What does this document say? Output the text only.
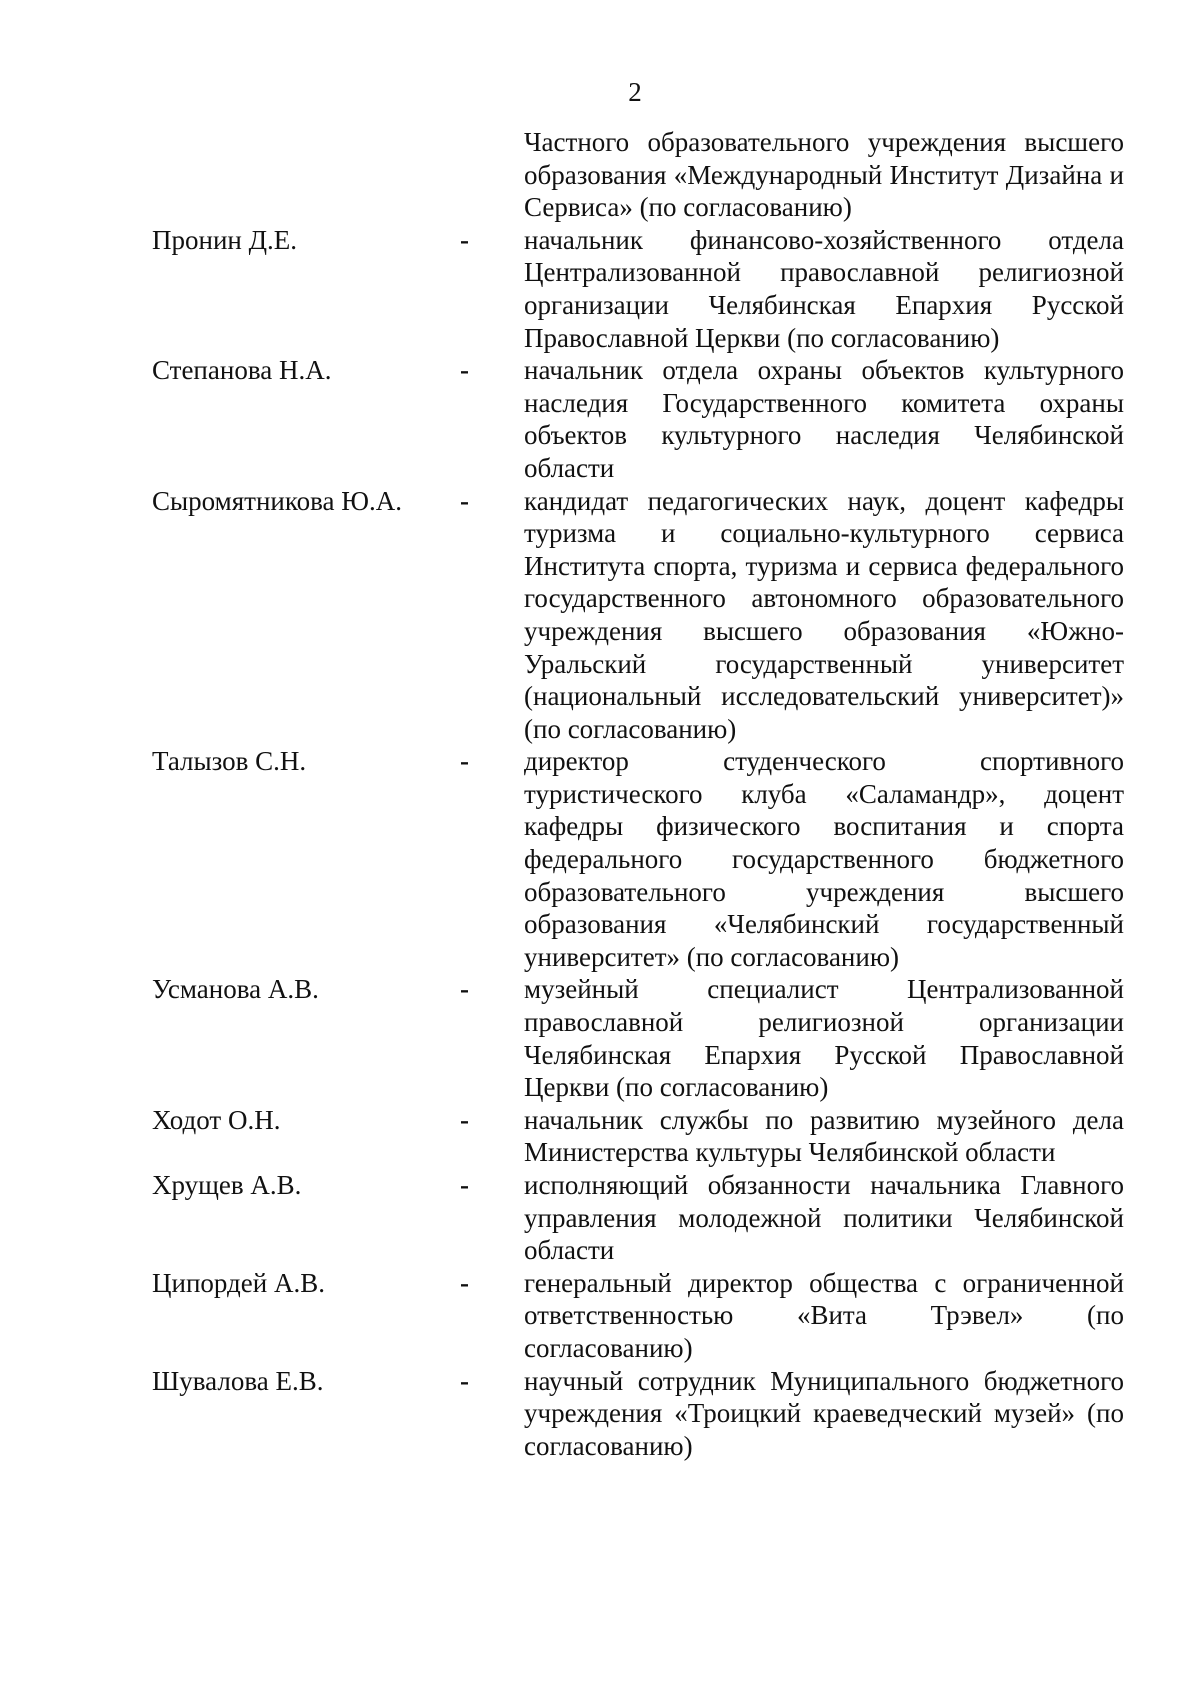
2
Частного образовательного учреждения высшего образования «Международный Институт Дизайна и Сервиса» (по согласованию)
Пронин Д.Е.	-	начальник финансово-хозяйственного отдела Централизованной православной религиозной организации Челябинская Епархия Русской Православной Церкви (по согласованию)
Степанова Н.А.	-	начальник отдела охраны объектов культурного наследия Государственного комитета охраны объектов культурного наследия Челябинской области
Сыромятникова Ю.А.	-	кандидат педагогических наук, доцент кафедры туризма и социально-культурного сервиса Института спорта, туризма и сервиса федерального государственного автономного образовательного учреждения высшего образования «Южно-Уральский государственный университет (национальный исследовательский университет)» (по согласованию)
Талызов С.Н.	-	директор студенческого спортивного туристического клуба «Саламандр», доцент кафедры физического воспитания и спорта федерального государственного бюджетного образовательного учреждения высшего образования «Челябинский государственный университет» (по согласованию)
Усманова А.В.	-	музейный специалист Централизованной православной религиозной организации Челябинская Епархия Русской Православной Церкви (по согласованию)
Ходот О.Н.	-	начальник службы по развитию музейного дела Министерства культуры Челябинской области
Хрущев А.В.	-	исполняющий обязанности начальника Главного управления молодежной политики Челябинской области
Ципордей А.В.	-	генеральный директор общества с ограниченной ответственностью «Вита Трэвел» (по согласованию)
Шувалова Е.В.	-	научный сотрудник Муниципального бюджетного учреждения «Троицкий краеведческий музей» (по согласованию)
